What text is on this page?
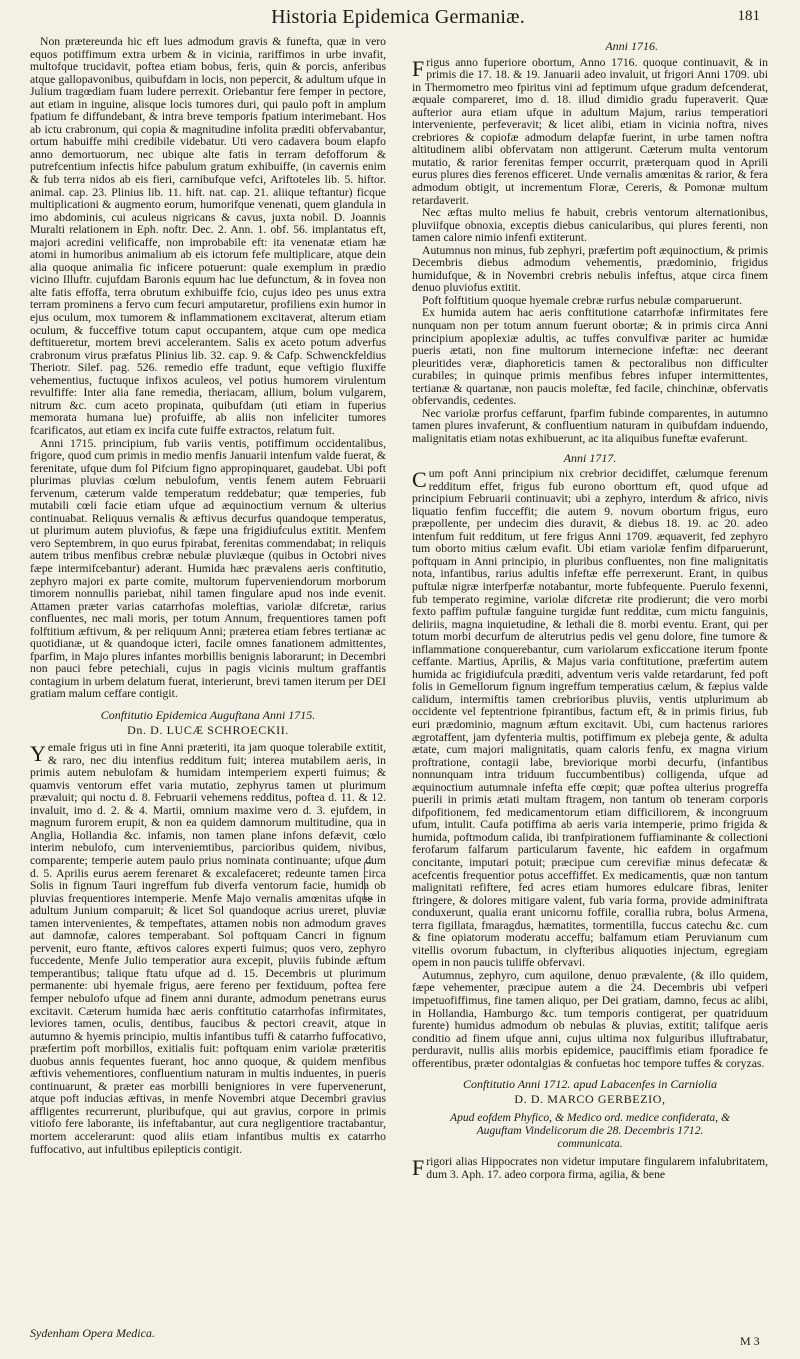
Historia Epidemica Germaniæ.	181

Non prætereunda hic eft lues admodum gravis & funefta, quæ in vero equos potiffimum extra urbem & in vicinia, rariffimos in urbe invafit, multofque trucidavit, poftea etiam bobus, feris, quin & porcis, anferibus atque gallopavonibus, quibufdam in locis, non pepercit, & adultum ufque in Julium tragœdiam fuam ludere perrexit. Oriebantur fere femper in pectore, aut etiam in inguine, alisque locis tumores duri, qui paulo poft in amplum fpatium fe diffundebant, & intra breve temporis fpatium interimebant. Hos ab ictu crabronum, qui copia & magnitudine infolita præditi obfervabantur, ortum habuiffe mihi credibile videbatur. Uti vero cadavera boum elapfo anno demortuorum, nec ubique alte fatis in terram defofforum & putrefcentium infectis hifce pabulum gratum exhibuiffe, (in cavernis enim & fub terra nidos ab eis fieri, carnibufque vefci, Ariftoteles lib. 5. hiftor. animal. cap. 23. Plinius lib. 11. hift. nat. cap. 21. aliique teftantur) ficque multiplicationi & augmento eorum, humorifque venenati, quem glandula in imo abdominis, cui aculeus nigricans & cavus, juxta nobil. D. Joannis Muralti relationem in Eph. noftr. Dec. 2. Ann. 1. obf. 56. implantatus eft, majori acredini velificaffe, non improbabile eft: ita venenatæ etiam hæ atomi in humoribus animalium ab eis ictorum fefe multiplicare, atque dein alia quoque animalia fic inficere potuerunt: quale exemplum in prædio vicino Illuftr. cujufdam Baronis equum hac lue defunctum, & in fovea non alte fatis effoffa, terra obrutum exhibuiffe fcio, cujus ideo pes unus extra terram prominens a fervo cum fecuri amputaretur, profiliens exin humor in ejus oculum, mox tumorem & inflammationem excitaverat, alterum etiam oculum, & fucceffive totum caput occupantem, atque cum ope medica deftitueretur, mortem brevi accelerantem. Salis ex aceto potum adverfus crabronum virus præfatus Plinius lib. 32. cap. 9. & Cafp. Schwenckfeldius Theriotr. Silef. pag. 526. remedio effe tradunt, eque veftigio fluxiffe vehementius, fuctuque infixos aculeos, vel potius humorem virulentum revulfiffe: Inter alia fane remedia, theriacam, allium, bolum vulgarem, nitrum &c. cum aceto propinata, quibufdam (uti etiam in fuperius memorata humana lue) profuiffe, ab aliis non infeliciter tumores fcarificatos, aut etiam ex incifa cute fuiffe extractos, relatum fuit.

Anni 1715. principium, fub variis ventis, potiffimum occidentalibus, frigore, quod cum primis in medio menfis Januarii intenfum valde fuerat, & ferenitate, ufque dum fol Pifcium figno appropinquaret, gaudebat. Ubi poft plurimas pluvias cœlum nebulofum, ventis fenem autem Februarii fervenum, cæterum valde temperatum reddebatur; quæ temperies, fub mutabili cœli facie etiam ufque ad æquinoctium vernum & ulterius continuabat. Reliquus vernalis & æftivus decurfus quandoque temperatus, ut plurimum autem pluviofus, & fæpe una frigidiufculus extitit. Menfem vero Septembrem, in quo eurus fpirabat, ferenitas commendabat; in reliquis autem tribus menfibus crebræ nebulæ pluviæque (quibus in Octobri nives fæpe intermifcebantur) aderant. Humida hæc prævalens aeris conftitutio, zephyro majori ex parte comite, multorum fuperveniendorum morborum timorem nonnullis pariebat, nihil tamen fingulare apud nos inde evenit. Attamen præter varias catarrhofas moleftias, variolæ difcretæ, rarius confluentes, nec mali moris, per totum Annum, frequentiores tamen poft folftitium æftivum, & per reliquum Anni; præterea etiam febres tertianæ ac quotidianæ, ut & quandoque icteri, facile omnes fanationem admittentes, fparfim, in Majo plures infantes morbillis benignis laborarunt; in Decembri non pauci febre petechiali, cujus in pagis vicinis multum graffantis contagium in urbem delatum fuerat, interierunt, brevi tamen iterum per DEI gratiam malum ceffare contigit.

Conftitutio Epidemica Auguftana Anni 1715.
Dn. D. LUCÆ SCHROECKII.

Yemale frigus uti in fine Anni præteriti, ita jam quoque tolerabile extitit, & raro, nec diu intenfius redditum fuit; interea mutabilem aeris, in primis autem nebulofam & humidam intemperiem experti fuimus; & quamvis ventorum effet varia mutatio, zephyrus tamen ut plurimum prævaluit; qui noctu d. 8. Februarii vehemens redditus, poftea d. 11. & 12. invaluit, imo d. 2. & 4. Martii, omnium maxime vero d. 3. ejufdem, in magnum furorem erupit, & non ea quidem damnorum multitudine, qua in Anglia, Hollandia &c. infamis, non tamen plane infons defævit, cœlo interim nebulofo, cum interveniemtibus, parcioribus quidem, nivibus, comparente; temperie autem paulo prius nominata continuante; ufque dum d. 5. Aprilis eurus aerem ferenaret & excalefaceret; redeunte tamen circa Solis in fignum Tauri ingreffum fub diverfa ventorum facie, humida ob pluvias frequentiores intemperie. Menfe Majo vernalis amœnitas ufque in adultum Junium comparuit; & licet Sol quandoque acrius ureret, pluviæ tamen intervenientes, & tempeftates, attamen nobis non admodum graves aut damnofæ, calores temperabant. Sol poftquam Cancri in fignum pervenit, euro ftante, æftivos calores experti fuimus; quos vero, zephyro fuccedente, Menfe Julio temperatior aura excepit, pluviis fubinde æftum temperantibus; talique ftatu ufque ad d. 15. Decembris ut plurimum permanente: ubi hyemale frigus, aere fereno per fextiduum, poftea fere femper nebulofo ufque ad finem anni durante, admodum penetrans eurus excitavit. Cæterum humida hæc aeris conftitutio catarrhofas infirmitates, leviores tamen, oculis, dentibus, faucibus & pectori creavit, atque in autumno & hyemis principio, multis infantibus tuffi & catarrho fuffocativo, præfertim poft morbillos, exitialis fuit: poftquam enim variolæ præteritis duobus annis fequentes fuerant, hoc anno quoque, & quidem menfibus æftivis vehementiores, confluentium naturam in multis induentes, in pueris continuarunt, & præter eas morbilli benigniores in vere fupervenerunt, atque poft inducias æftivas, in menfe Novembri atque Decembri gravius affligentes recurrerunt, pluribufque, qui aut gravius, corpore in primis vitiofo fere laborante, iis infeftabantur, aut cura negligentiore tractabantur, mortem accelerarunt: quod aliis etiam infantibus multis ex catarrho fuffocativo, aut infultibus epilepticis contigit.

Anni 1716.

Frigus anno fuperiore obortum, Anno 1716. quoque continuavit, & in primis die 17. 18. & 19. Januarii adeo invaluit, ut frigori Anni 1709. ubi in Thermometro meo fpiritus vini ad feptimum ufque gradum defcenderat, æquale compareret, imo d. 18. illud dimidio gradu fuperaverit. Quæ aufterior aura etiam ufque in adultum Majum, rarius temperatiori interveniente, perfeveravit; & licet alibi, etiam in vicinia noftra, nives crebriores & copiofæ admodum delapfæ fuerint, in urbe tamen noftra altitudinem alibi obfervatam non attigerunt. Cæterum multa ventorum mutatio, & rarior ferenitas femper occurrit, præterquam quod in Aprili eurus plures dies ferenos efficeret. Unde vernalis amœnitas & rarior, & fera admodum obtigit, ut incrementum Floræ, Cereris, & Pomonæ multum retardaverit.

Nec æftas multo melius fe habuit, crebris ventorum alternationibus, pluviifque obnoxia, exceptis diebus canicularibus, qui plures ferenti, non tamen calore nimio infenfi extiterunt.

Autumnus non minus, fub zephyri, præfertim poft æquinoctium, & primis Decembris diebus admodum vehementis, prædominio, frigidus humidufque, & in Novembri crebris nebulis infeftus, atque circa finem denuo pluviofus extitit.

Poft folftitium quoque hyemale crebræ rurfus nebulæ comparuerunt.

Ex humida autem hac aeris conftitutione catarrhofæ infirmitates fere nunquam non per totum annum fuerunt obortæ; & in primis circa Anni principium apoplexiæ adultis, ac tuffes convulfivæ pariter ac humidæ pueris ætati, non fine multorum internecione infeftæ: nec deerant pleuritides veræ, diaphoreticis tamen & pectoralibus non difficulter curabiles; in quinque primis menfibus febres infuper intermittentes, tertianæ & quartanæ, non paucis moleftæ, fed facile, chinchinæ, obfervatis obfervandis, cedentes.

Nec variolæ prorfus ceffarunt, fparfim fubinde comparentes, in autumno tamen plures invaferunt, & confluentium naturam in quibufdam induendo, malignitatis etiam notas exhibuerunt, ac ita aliquibus funeftæ evaferunt.

Anni 1717.

Cum poft Anni principium nix crebrior decidiffet, cælumque ferenum redditum effet, frigus fub eurono oborttum eft, quod ufque ad principium Februarii continuavit; ubi a zephyro, interdum & africo, nivis liquatio fenfim fucceffit; die autem 9. novum obortum frigus, euro præpollente, per undecim dies duravit, & diebus 18. 19. ac 20. adeo intenfum fuit redditum, ut fere frigus Anni 1709. æquaverit, fed zephyro tum oborto mitius cælum evafit. Ubi etiam variolæ fenfim difparuerunt, poftquam in Anni principio, in pluribus confluentes, non fine malignitatis nota, infantibus, rarius adultis infeftæ effe perrexerunt. Erant, in quibus puftulæ nigræ interfperfæ notabantur, morte fubfequente. Puerulo fexenni, fub temperato regimine, variolæ difcretæ rite prodierunt; die vero morbi fexto paffim puftulæ fanguine turgidæ funt redditæ, cum mictu fanguinis, deliriis, magna inquietudine, & lethali die 8. morbi eventu. Erant, qui per totum morbi decurfum de alterutrius pedis vel genu dolore, fine tumore & inflammatione conquerebantur, cum variolarum exficcatione iterum fponte ceffante. Martius, Aprilis, & Majus varia conftitutione, præfertim autem humida ac frigidiufcula præditi, adventum veris valde retardarunt, fed poft folis in Gemellorum fignum ingreffum temperatius cælum, & fæpius valde calidum, intermiftis tamen crebrioribus pluviis, ventis utplurimum ab occidente vel feptentrione fpirantibus, factum eft, & in primis firius, fub euri prædominio, magnum æftum excitavit. Ubi, cum hactenus rariores ægrotaffent, jam dyfenteria multis, potiffimum ex plebeja gente, & adulta ætate, cum majori malignitatis, quam caloris fenfu, ex magna virium proftratione, contagii labe, breviorique morbi decurfu, (infantibus nonnunquam intra triduum fuccumbentibus) colligenda, ufque ad æquinoctium autumnale infefta effe cœpit; quæ poftea ulterius progreffa puerili in primis ætati multam ftragem, non tantum ob teneram corporis difpofitionem, fed medicamentorum etiam difficiliorem, & incongruum ufum, intulit. Caufa potiffima ab aeris varia intemperie, primo frigida & humida, poftmodum calida, ibi tranfpirationem fuffiaminante & collectioni ferofarum falfarum particularum favente, hic eafdem in orgafmum concitante, imputari potuit; præcipue cum cerevifiæ minus defecatæ & acefcentis frequentior potus acceffiffet. Ex medicamentis, quæ non tantum malignitati refiftere, fed acres etiam humores edulcare fibras, leniter ftringere, & dolores mitigare valent, fub varia forma, provide adminiftrata conduxerunt, qualia erant unicornu foffile, corallia rubra, bolus Armena, terra figillata, fmaragdus, hæmatites, tormentilla, fuccus catechu &c. cum & fine opiatorum moderatu acceffu; balfamum etiam Peruvianum cum vitellis ovorum fubactum, in clyfteribus aliquoties injectum, egregiam opem in non paucis tuliffe obfervavi.

Autumnus, zephyro, cum aquilone, denuo prævalente, (& illo quidem, fæpe vehementer, præcipue autem a die 24. Decembris ubi vefperi impetuofiffimus, fine tamen aliquo, per Dei gratiam, damno, fecus ac alibi, in Hollandia, Hamburgo &c. tum temporis contigerat, per quatriduum furente) humidus admodum ob nebulas & pluvias, extitit; talifque aeris conditio ad finem ufque anni, cujus ultima nox fulguribus illuftrabatur, perduravit, nullis aliis morbis epidemice, pauciffimis etiam fporadice fe offerentibus, præter odontalgias & confuetas hoc tempore tuffes & coryzas.

Conftitutio Anni 1712. apud Labacenfes in Carniolia
D. D. MARCO GERBEZIO,
Apud eofdem Phyfico, & Medico ord. medice confiderata, &
Auguftam Vindelicorum die 28. Decembris 1712.
communicata.

Frigori alias Hippocrates non videtur imputare fingularem infalubritatem, dum 3. Aph. 17. adeo corpora firma, agilia, & bene

Sydenham Opera Medica.
M 3
